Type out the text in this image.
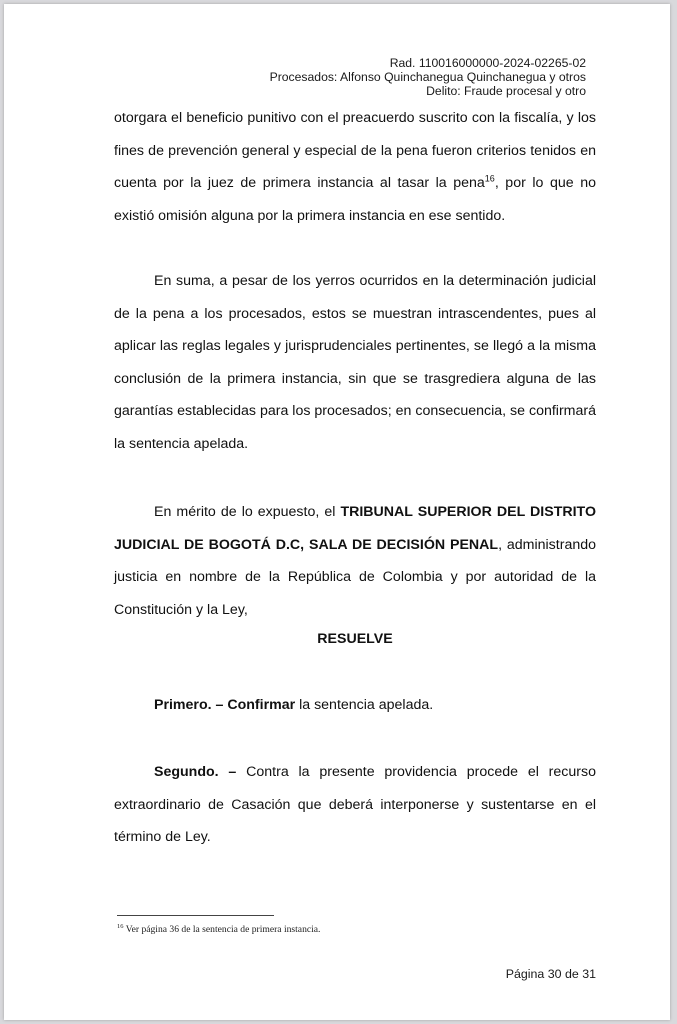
Rad. 110016000000-2024-02265-02
Procesados: Alfonso Quinchanegua Quinchanegua y otros
Delito: Fraude procesal y otro

otorgara el beneficio punitivo con el preacuerdo suscrito con la fiscalía, y los fines de prevención general y especial de la pena fueron criterios tenidos en cuenta por la juez de primera instancia al tasar la pena$^{16}$, por lo que no existió omisión alguna por la primera instancia en ese sentido.

En suma, a pesar de los yerros ocurridos en la determinación judicial de la pena a los procesados, estos se muestran intrascendentes, pues al aplicar las reglas legales y jurisprudenciales pertinentes, se llegó a la misma conclusión de la primera instancia, sin que se trasgrediera alguna de las garantías establecidas para los procesados; en consecuencia, se confirmará la sentencia apelada.

En mérito de lo expuesto, el TRIBUNAL SUPERIOR DEL DISTRITO JUDICIAL DE BOGOTÁ D.C, SALA DE DECISIÓN PENAL, administrando justicia en nombre de la República de Colombia y por autoridad de la Constitución y la Ley,

RESUELVE

Primero. – Confirmar la sentencia apelada.

Segundo. – Contra la presente providencia procede el recurso extraordinario de Casación que deberá interponerse y sustentarse en el término de Ley.

$^{16}$ Ver página 36 de la sentencia de primera instancia.
Página 30 de 31
